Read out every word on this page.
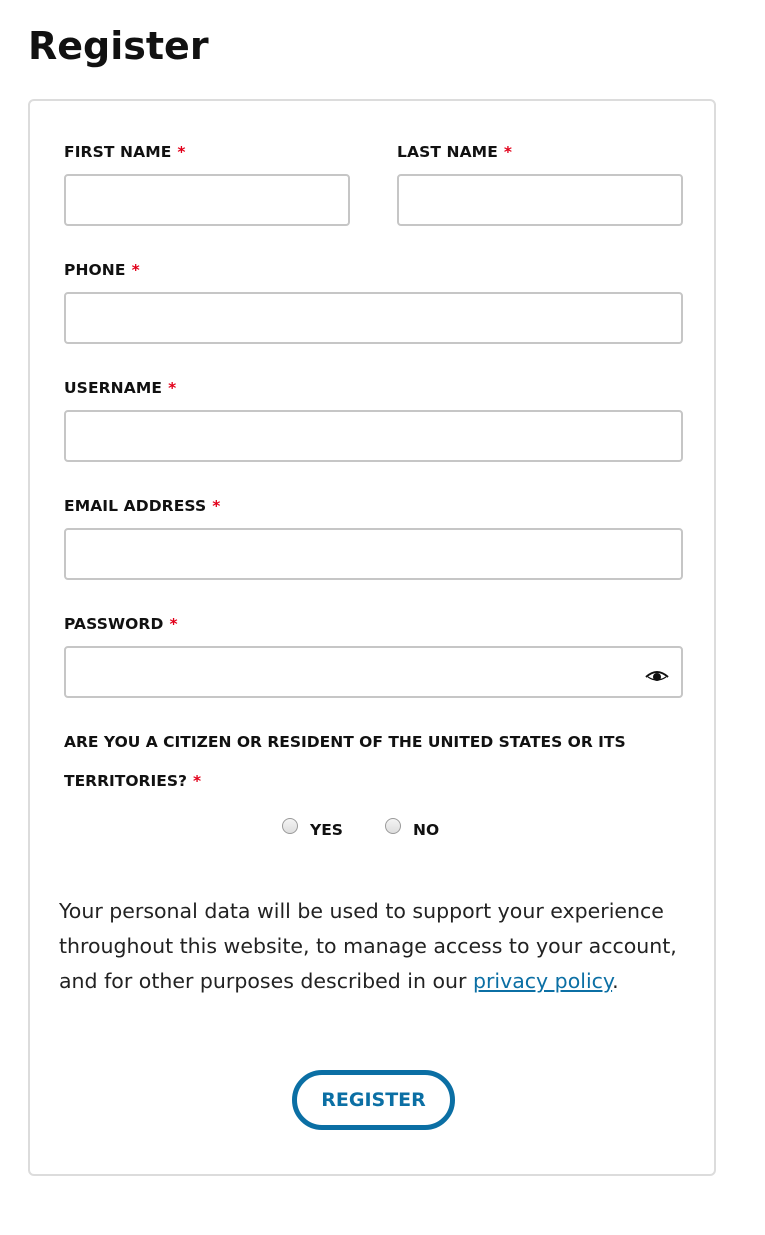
Register
FIRST NAME *	LAST NAME *
PHONE *
USERNAME *
EMAIL ADDRESS *
PASSWORD *
ARE YOU A CITIZEN OR RESIDENT OF THE UNITED STATES OR ITS TERRITORIES? *
YES	NO

Your personal data will be used to support your experience throughout this website, to manage access to your account, and for other purposes described in our privacy policy.

REGISTER
